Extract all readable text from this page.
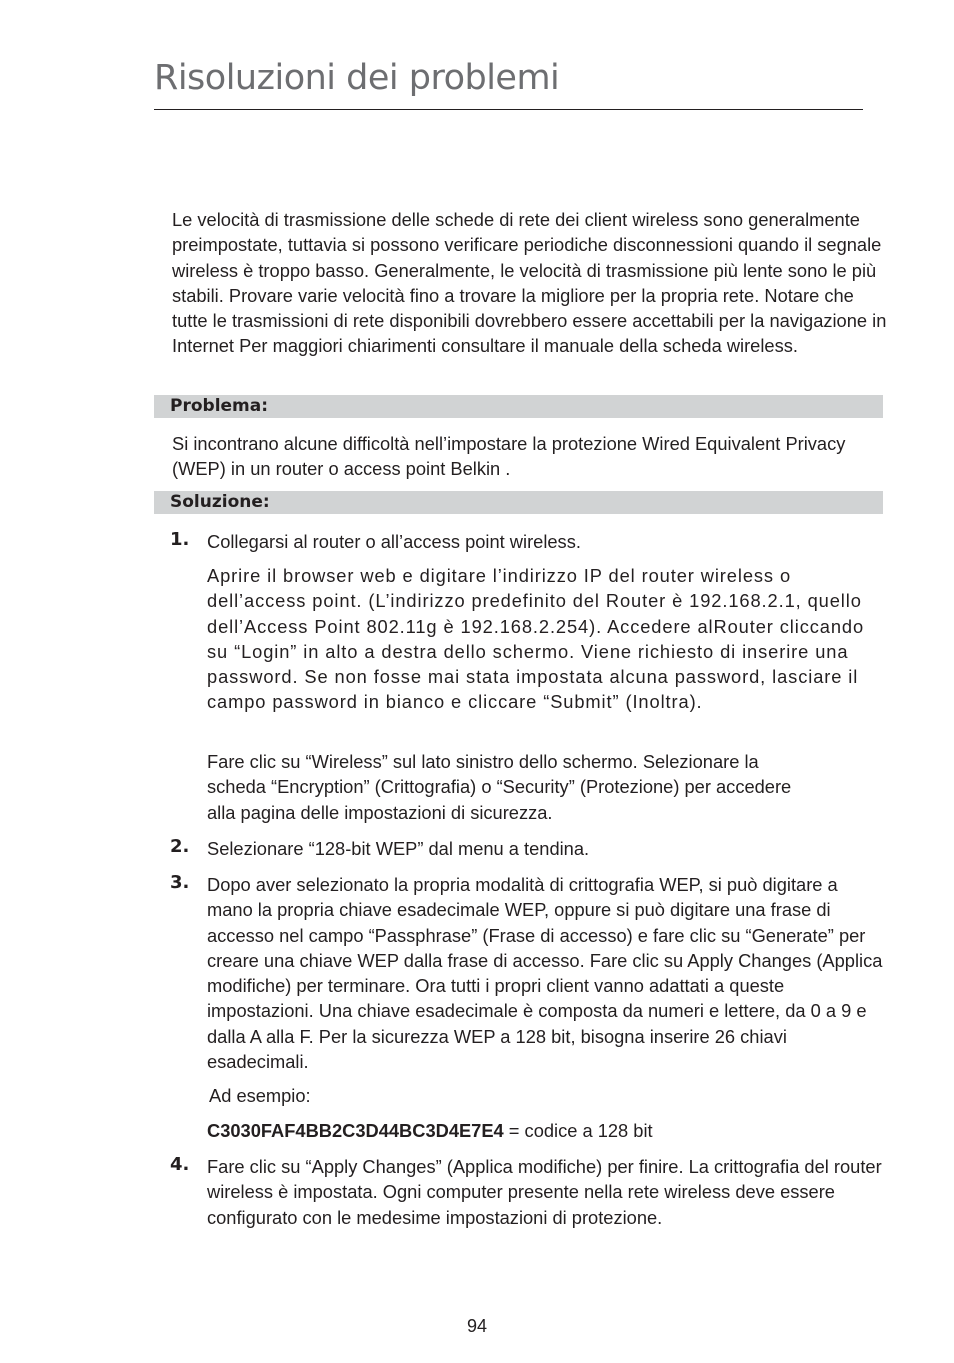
Risoluzioni dei problemi

Le velocità di trasmissione delle schede di rete dei client wireless sono generalmente preimpostate, tuttavia si possono verificare periodiche disconnessioni quando il segnale wireless è troppo basso. Generalmente, le velocità di trasmissione più lente sono le più stabili. Provare varie velocità fino a trovare la migliore per la propria rete. Notare che tutte le trasmissioni di rete disponibili dovrebbero essere accettabili per la navigazione in Internet Per maggiori chiarimenti consultare il manuale della scheda wireless.

Problema:

Si incontrano alcune difficoltà nell’impostare la protezione Wired Equivalent Privacy (WEP) in un router o access point Belkin .

Soluzione:
1. Collegarsi al router o all’access point wireless.

Aprire il browser web e digitare l’indirizzo IP del router wireless o dell’access point. (L’indirizzo predefinito del Router è 192.168.2.1, quello dell’Access Point 802.11g è 192.168.2.254). Accedere alRouter cliccando su “Login” in alto a destra dello schermo. Viene richiesto di inserire una password. Se non fosse mai stata impostata alcuna password, lasciare il campo password in bianco e cliccare “Submit” (Inoltra).

Fare clic su “Wireless” sul lato sinistro dello schermo. Selezionare la scheda “Encryption” (Crittografia) o “Security” (Protezione) per accedere alla pagina delle impostazioni di sicurezza.

2. Selezionare “128-bit WEP” dal menu a tendina.

3. Dopo aver selezionato la propria modalità di crittografia WEP, si può digitare a mano la propria chiave esadecimale WEP, oppure si può digitare una frase di accesso nel campo “Passphrase” (Frase di accesso) e fare clic su “Generate” per creare una chiave WEP dalla frase di accesso. Fare clic su Apply Changes (Applica modifiche) per terminare. Ora tutti i propri client vanno adattati a queste impostazioni. Una chiave esadecimale è composta da numeri e lettere, da 0 a 9 e dalla A alla F. Per la sicurezza WEP a 128 bit, bisogna inserire 26 chiavi esadecimali.

Ad esempio:

C3030FAF4BB2C3D44BC3D4E7E4 = codice a 128 bit

4. Fare clic su “Apply Changes” (Applica modifiche) per finire. La crittografia del router wireless è impostata. Ogni computer presente nella rete wireless deve essere configurato con le medesime impostazioni di protezione.

94
